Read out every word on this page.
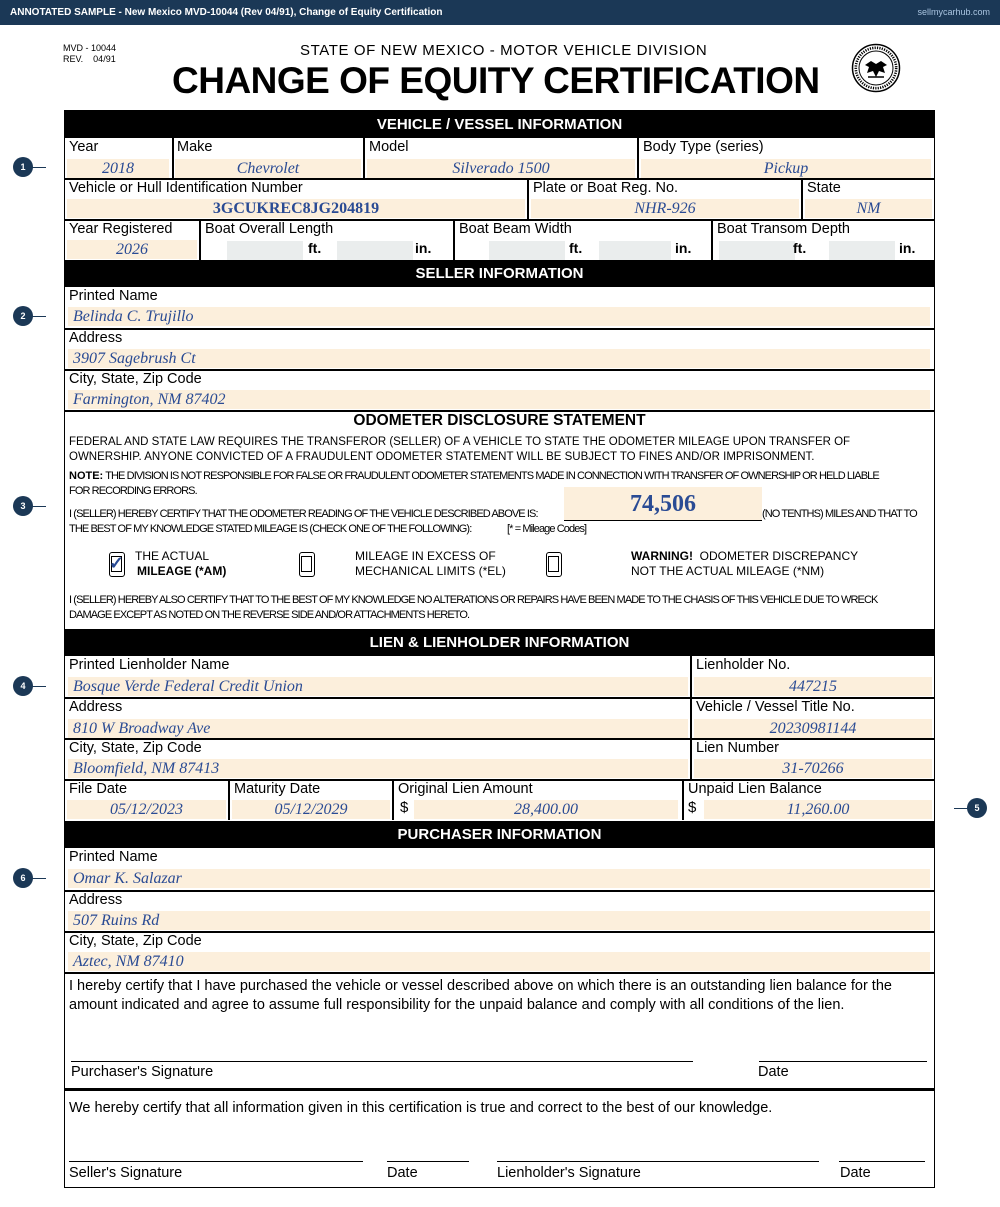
ANNOTATED SAMPLE - New Mexico MVD-10044 (Rev 04/91), Change of Equity Certification	sellmycarhub.com
MVD - 10044
REV.    04/91	STATE OF NEW MEXICO - MOTOR VEHICLE DIVISION
CHANGE OF EQUITY CERTIFICATION
VEHICLE / VESSEL INFORMATION
Year
2018
Make
Chevrolet
Model
Silverado 1500
Body Type (series)
Pickup
Vehicle or Hull Identification Number
3GCUKREC8JG204819
Plate or Boat Reg. No.
NHR-926
State
NM
Year Registered
2026
Boat Overall Length
ft.	in.
Boat Beam Width
ft.	in.
Boat Transom Depth
ft.	in.
SELLER INFORMATION
Printed Name
Belinda C. Trujillo
Address
3907 Sagebrush Ct
City, State, Zip Code
Farmington, NM 87402
ODOMETER DISCLOSURE STATEMENT
FEDERAL AND STATE LAW REQUIRES THE TRANSFEROR (SELLER) OF A VEHICLE TO STATE THE ODOMETER MILEAGE UPON TRANSFER OF
OWNERSHIP. ANYONE CONVICTED OF A FRAUDULENT ODOMETER STATEMENT WILL BE SUBJECT TO FINES AND/OR IMPRISONMENT.
NOTE: THE DIVISION IS NOT RESPONSIBLE FOR FALSE OR FRAUDULENT ODOMETER STATEMENTS MADE IN CONNECTION WITH TRANSFER OF OWNERSHIP OR HELD LIABLE
FOR RECORDING ERRORS.
I (SELLER) HEREBY CERTIFY THAT THE ODOMETER READING OF THE VEHICLE DESCRIBED ABOVE IS:	74,506	(NO TENTHS) MILES AND THAT TO
THE BEST OF MY KNOWLEDGE STATED MILEAGE IS (CHECK ONE OF THE FOLLOWING):	[* = Mileage Codes]
✓ THE ACTUAL
MILEAGE (*AM)
MILEAGE IN EXCESS OF
MECHANICAL LIMITS (*EL)
WARNING!  ODOMETER DISCREPANCY
NOT THE ACTUAL MILEAGE (*NM)
I (SELLER) HEREBY ALSO CERTIFY THAT TO THE BEST OF MY KNOWLEDGE NO ALTERATIONS OR REPAIRS HAVE BEEN MADE TO THE CHASIS OF THIS VEHICLE DUE TO WRECK
DAMAGE EXCEPT AS NOTED ON THE REVERSE SIDE AND/OR ATTACHMENTS HERETO.
LIEN & LIENHOLDER INFORMATION
Printed Lienholder Name
Bosque Verde Federal Credit Union
Lienholder No.
447215
Address
810 W Broadway Ave
Vehicle / Vessel Title No.
20230981144
City, State, Zip Code
Bloomfield, NM 87413
Lien Number
31-70266
File Date
05/12/2023
Maturity Date
05/12/2029
Original Lien Amount
$	28,400.00
Unpaid Lien Balance
$	11,260.00
PURCHASER INFORMATION
Printed Name
Omar K. Salazar
Address
507 Ruins Rd
City, State, Zip Code
Aztec, NM 87410
I hereby certify that I have purchased the vehicle or vessel described above on which there is an outstanding lien balance for the
amount indicated and agree to assume full responsibility for the unpaid balance and comply with all conditions of the lien.
Purchaser's Signature	Date
We hereby certify that all information given in this certification is true and correct to the best of our knowledge.
Seller's Signature	Date	Lienholder's Signature	Date
1
2
3
4
5
6
